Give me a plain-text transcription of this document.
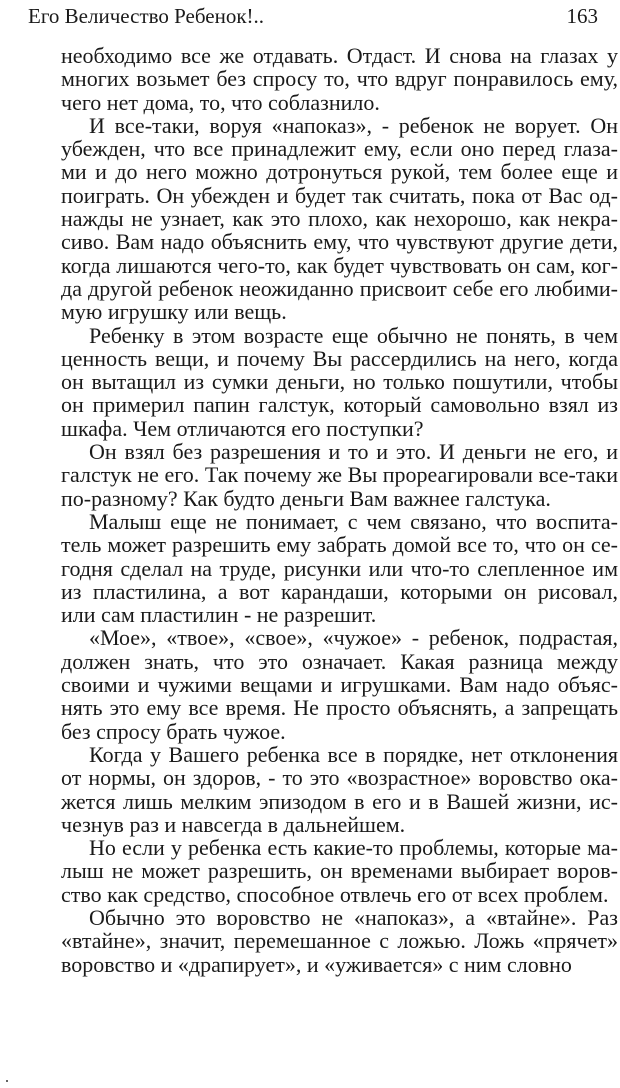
Его Величество Ребенок!..	163
необходимо все же отдавать. Отдаст. И снова на глазах у
многих возьмет без спросу то, что вдруг понравилось ему,
чего нет дома, то, что соблазнило.
И все-таки, воруя «напоказ», - ребенок не ворует. Он
убежден, что все принадлежит ему, если оно перед глаза-
ми и до него можно дотронуться рукой, тем более еще и
поиграть. Он убежден и будет так считать, пока от Вас од-
нажды не узнает, как это плохо, как нехорошо, как некра-
сиво. Вам надо объяснить ему, что чувствуют другие дети,
когда лишаются чего-то, как будет чувствовать он сам, ког-
да другой ребенок неожиданно присвоит себе его любими-
мую игрушку или вещь.
Ребенку в этом возрасте еще обычно не понять, в чем
ценность вещи, и почему Вы рассердились на него, когда
он вытащил из сумки деньги, но только пошутили, чтобы
он примерил папин галстук, который самовольно взял из
шкафа. Чем отличаются его поступки?
Он взял без разрешения и то и это. И деньги не его, и
галстук не его. Так почему же Вы прореагировали все-таки
по-разному? Как будто деньги Вам важнее галстука.
Малыш еще не понимает, с чем связано, что воспита-
тель может разрешить ему забрать домой все то, что он се-
годня сделал на труде, рисунки или что-то слепленное им
из пластилина, а вот карандаши, которыми он рисовал,
или сам пластилин - не разрешит.
«Мое», «твое», «свое», «чужое» - ребенок, подрастая,
должен знать, что это означает. Какая разница между
своими и чужими вещами и игрушками. Вам надо объяс-
нять это ему все время. Не просто объяснять, а запрещать
без спросу брать чужое.
Когда у Вашего ребенка все в порядке, нет отклонения
от нормы, он здоров, - то это «возрастное» воровство ока-
жется лишь мелким эпизодом в его и в Вашей жизни, ис-
чезнув раз и навсегда в дальнейшем.
Но если у ребенка есть какие-то проблемы, которые ма-
лыш не может разрешить, он временами выбирает воров-
ство как средство, способное отвлечь его от всех проблем.
Обычно это воровство не «напоказ», а «втайне». Раз
«втайне», значит, перемешанное с ложью. Ложь «прячет»
воровство и «драпирует», и «уживается» с ним словно
